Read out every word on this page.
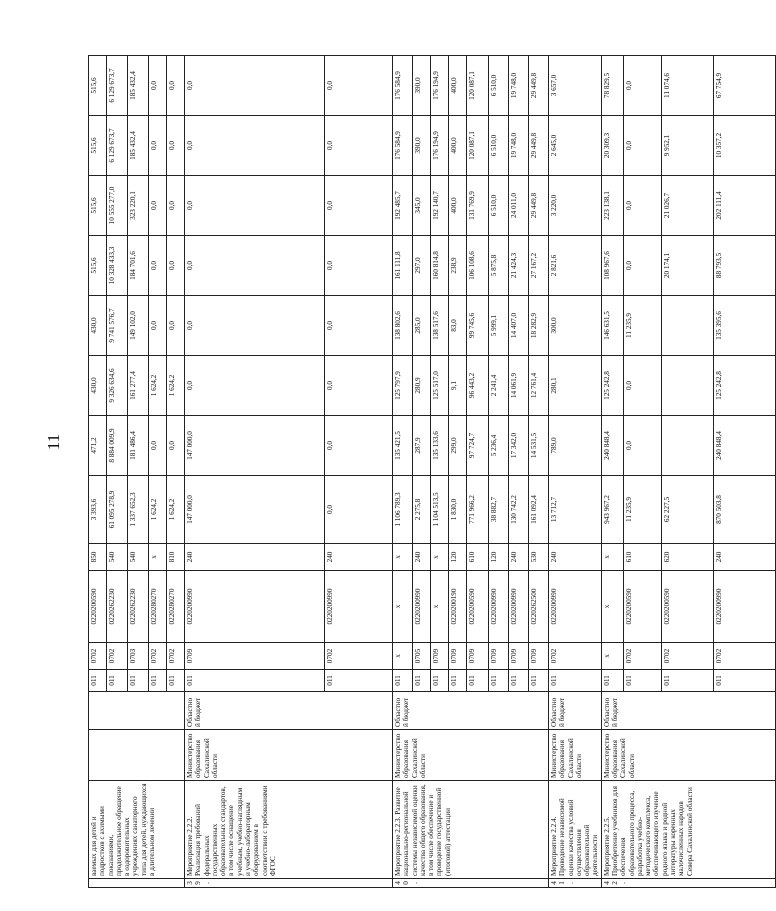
11
	ваемых для детей и подростков с ахимыми показаниями, продолжительное обращение в оздоровительных учреждениях санаторного типа для детей, нуждающихся в длительном лечении			011	0702	0220200590	850	3 393,6	471,2	430,0	430,0	515,6	515,6	515,6	515,6
				011	0702	0220262230	540	61 095 278,9	8 884 009,9	9 326 634,6	9 741 576,7	10 328 433,3	10 555 277,0	6 129 673,7	6 129 673,7
				011	0703	0220262230	540	1 337 652,3	181 486,4	161 277,4	149 102,0	184 701,6	323 220,1	185 432,4	185 432,4
				011	0702	0220280270	x	1 624,2	0,0	1 624,2	0,0	0,0	0,0	0,0	0,0
				011	0702	0220280270	810	1 624,2	0,0	1 624,2	0,0	0,0	0,0	0,0	0,0
39.	Мероприятие 2.2.2. Реализация требований федеральных государственных образовательных стандартов, в том числе оснащение учебным, учебно-наглядным и учебно-лабораторным оборудованием в соответствии с требованиями ФГОС	Министерство образования Сахалинской области	Областной бюджет	011	0709	0220200990	240	147 000,0	147 000,0	0,0	0,0	0,0	0,0	0,0	0,0
				011	0702	0220200990	240	0,0	0,0	0,0	0,0	0,0	0,0	0,0	0,0
40.	Мероприятие 2.2.3. Развитие национально-региональной системы независимой оценки качества общего образования, в том числе обеспечение и проведение государственной (итоговой) аттестации	Министерство образования Сахалинской области	Областной бюджет	011	x	x	x	1 106 789,3	135 421,5	125 797,9	138 802,6	161 111,8	192 485,7	176 584,9	176 584,9
				011	0705	0220200990	240	2 275,8	287,9	280,9	285,0	297,0	345,0	390,0	390,0
				011	0709	x	x	1 104 513,5	135 133,6	125 517,0	138 517,6	160 814,8	192 140,7	176 194,9	176 194,9
				011	0709	0220200190	120	1 830,0	299,0	9,1	83,0	238,9	400,0	400,0	400,0
				011	0709	0220200590	610	771 966,2	97 724,7	96 443,2	99 745,6	106 108,6	131 769,9	120 087,1	120 087,1
				011	0709	0220200990	120	38 882,7	5 236,4	2 241,4	5 999,1	5 875,8	6 510,0	6 510,0	6 510,0
				011	0709	0220200990	240	130 742,2	17 342,0	14 061,9	14 407,0	21 424,3	24 011,0	19 748,0	19 748,0
				011	0709	0220262500	530	161 092,4	14 531,5	12 761,4	18 282,9	27 167,2	29 449,8	29 449,8	29 449,8
41.	Мероприятие 2.2.4. Проведение независимой оценки качества условий осуществления образовательной деятельности	Министерство образования Сахалинской области	Областной бюджет	011	0702	0220200990	240	13 712,7	789,0	280,1	300,0	2 821,6	3 220,0	2 645,0	3 657,0
42.	Мероприятие 2.2.5. Приобретение учебников для обеспечения образовательного процесса, разработка учебно-методического комплекса, обеспечивающего изучение родного языка и родной литературы коренных малочисленных народов Севера Сахалинской области	Министерство образования Сахалинской области	Областной бюджет	011	x	x	x	943 967,2	240 848,4	125 242,8	146 631,5	108 967,6	223 138,1	20 309,3	78 829,5
				011	0702	0220200590	610	11 235,9	0,0	0,0	11 235,9	0,0	0,0	0,0	0,0
				011	0702	0220200590	620	62 227,5				20 174,1	21 026,7	9 952,1	11 074,6
				011	0702	0220200990	240	870 503,8	240 848,4	125 242,8	135 395,6	88 793,5	202 111,4	10 357,2	67 754,9
